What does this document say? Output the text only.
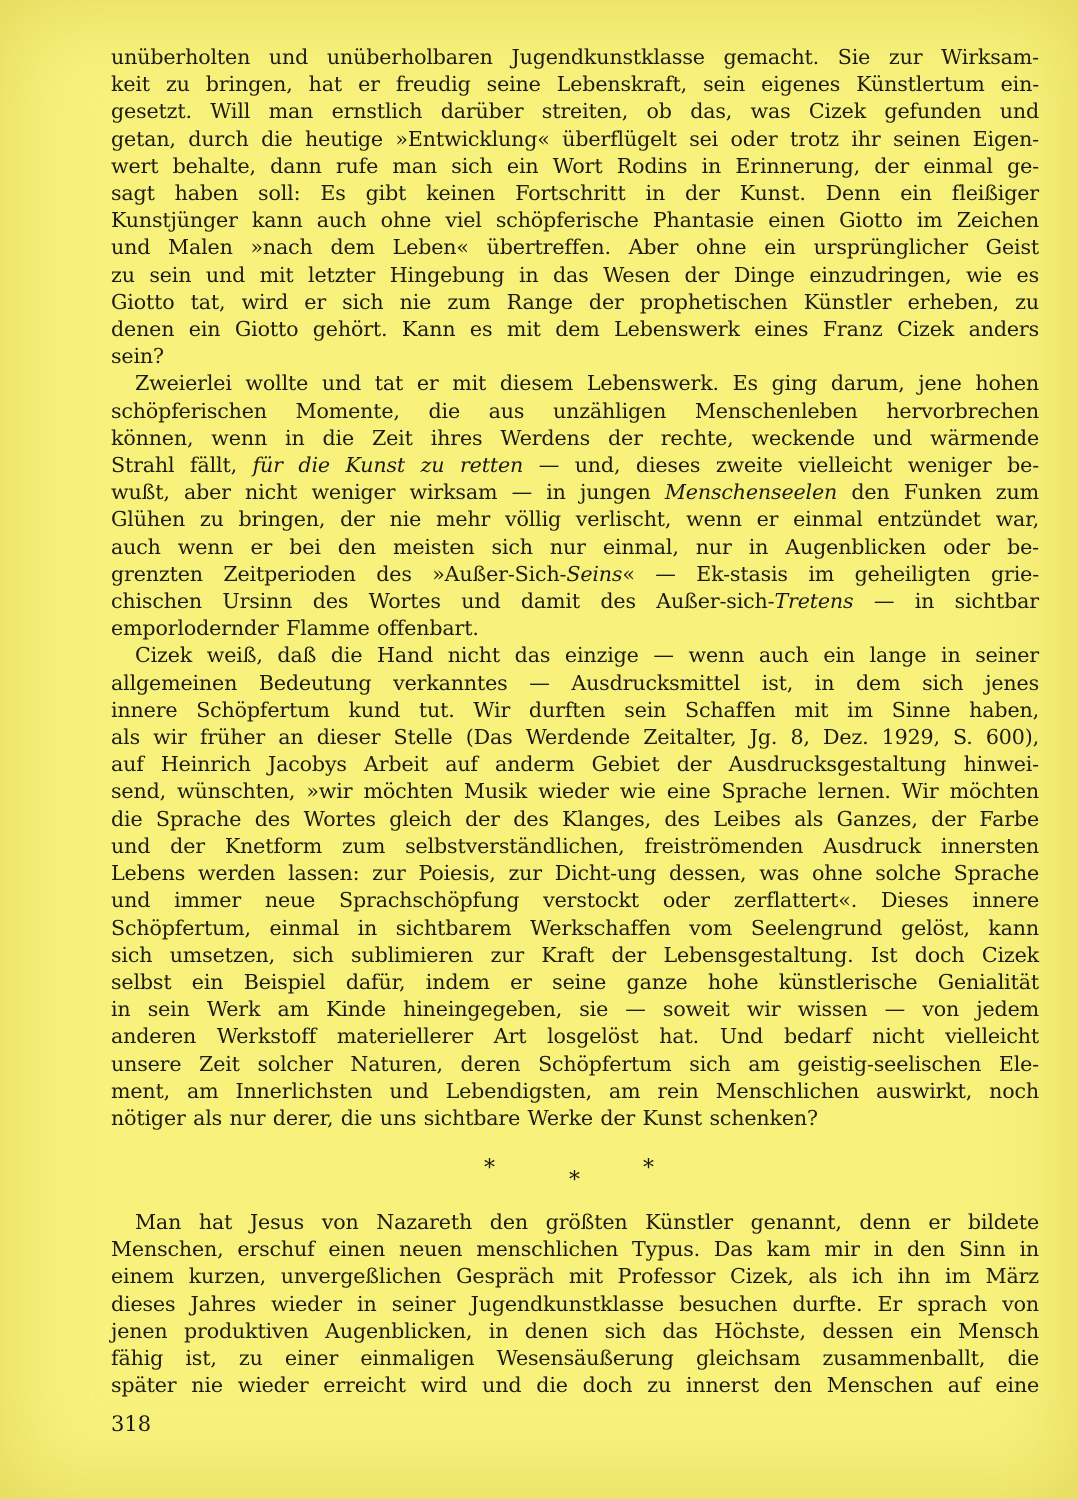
unüberholten und unüberholbaren Jugendkunstklasse gemacht. Sie zur Wirksam-

keit zu bringen, hat er freudig seine Lebenskraft, sein eigenes Künstlertum ein-

gesetzt. Will man ernstlich darüber streiten, ob das, was Cizek gefunden und

getan, durch die heutige »Entwicklung« überflügelt sei oder trotz ihr seinen Eigen-

wert behalte, dann rufe man sich ein Wort Rodins in Erinnerung, der einmal ge-

sagt haben soll: Es gibt keinen Fortschritt in der Kunst. Denn ein fleißiger

Kunstjünger kann auch ohne viel schöpferische Phantasie einen Giotto im Zeichen

und Malen »nach dem Leben« übertreffen. Aber ohne ein ursprünglicher Geist

zu sein und mit letzter Hingebung in das Wesen der Dinge einzudringen, wie es

Giotto tat, wird er sich nie zum Range der prophetischen Künstler erheben, zu

denen ein Giotto gehört. Kann es mit dem Lebenswerk eines Franz Cizek anders

sein?

Zweierlei wollte und tat er mit diesem Lebenswerk. Es ging darum, jene hohen

schöpferischen Momente, die aus unzähligen Menschenleben hervorbrechen

können, wenn in die Zeit ihres Werdens der rechte, weckende und wärmende

Strahl fällt, für die Kunst zu retten — und, dieses zweite vielleicht weniger be-

wußt, aber nicht weniger wirksam — in jungen Menschenseelen den Funken zum

Glühen zu bringen, der nie mehr völlig verlischt, wenn er einmal entzündet war,

auch wenn er bei den meisten sich nur einmal, nur in Augenblicken oder be-

grenzten Zeitperioden des »Außer-Sich-Seins« — Ek-stasis im geheiligten grie-

chischen Ursinn des Wortes und damit des Außer-sich-Tretens — in sichtbar

emporlodernder Flamme offenbart.

Cizek weiß, daß die Hand nicht das einzige — wenn auch ein lange in seiner

allgemeinen Bedeutung verkanntes — Ausdrucksmittel ist, in dem sich jenes

innere Schöpfertum kund tut. Wir durften sein Schaffen mit im Sinne haben,

als wir früher an dieser Stelle (Das Werdende Zeitalter, Jg. 8, Dez. 1929, S. 600),

auf Heinrich Jacobys Arbeit auf anderm Gebiet der Ausdrucksgestaltung hinwei-

send, wünschten, »wir möchten Musik wieder wie eine Sprache lernen. Wir möchten

die Sprache des Wortes gleich der des Klanges, des Leibes als Ganzes, der Farbe

und der Knetform zum selbstverständlichen, freiströmenden Ausdruck innersten

Lebens werden lassen: zur Poiesis, zur Dicht-ung dessen, was ohne solche Sprache

und immer neue Sprachschöpfung verstockt oder zerflattert«. Dieses innere

Schöpfertum, einmal in sichtbarem Werkschaffen vom Seelengrund gelöst, kann

sich umsetzen, sich sublimieren zur Kraft der Lebensgestaltung. Ist doch Cizek

selbst ein Beispiel dafür, indem er seine ganze hohe künstlerische Genialität

in sein Werk am Kinde hineingegeben, sie — soweit wir wissen — von jedem

anderen Werkstoff materiellerer Art losgelöst hat. Und bedarf nicht vielleicht

unsere Zeit solcher Naturen, deren Schöpfertum sich am geistig-seelischen Ele-

ment, am Innerlichsten und Lebendigsten, am rein Menschlichen auswirkt, noch

nötiger als nur derer, die uns sichtbare Werke der Kunst schenken?

*	*	*

Man hat Jesus von Nazareth den größten Künstler genannt, denn er bildete

Menschen, erschuf einen neuen menschlichen Typus. Das kam mir in den Sinn in

einem kurzen, unvergeßlichen Gespräch mit Professor Cizek, als ich ihn im März

dieses Jahres wieder in seiner Jugendkunstklasse besuchen durfte. Er sprach von

jenen produktiven Augenblicken, in denen sich das Höchste, dessen ein Mensch

fähig ist, zu einer einmaligen Wesensäußerung gleichsam zusammenballt, die

später nie wieder erreicht wird und die doch zu innerst den Menschen auf eine

318
